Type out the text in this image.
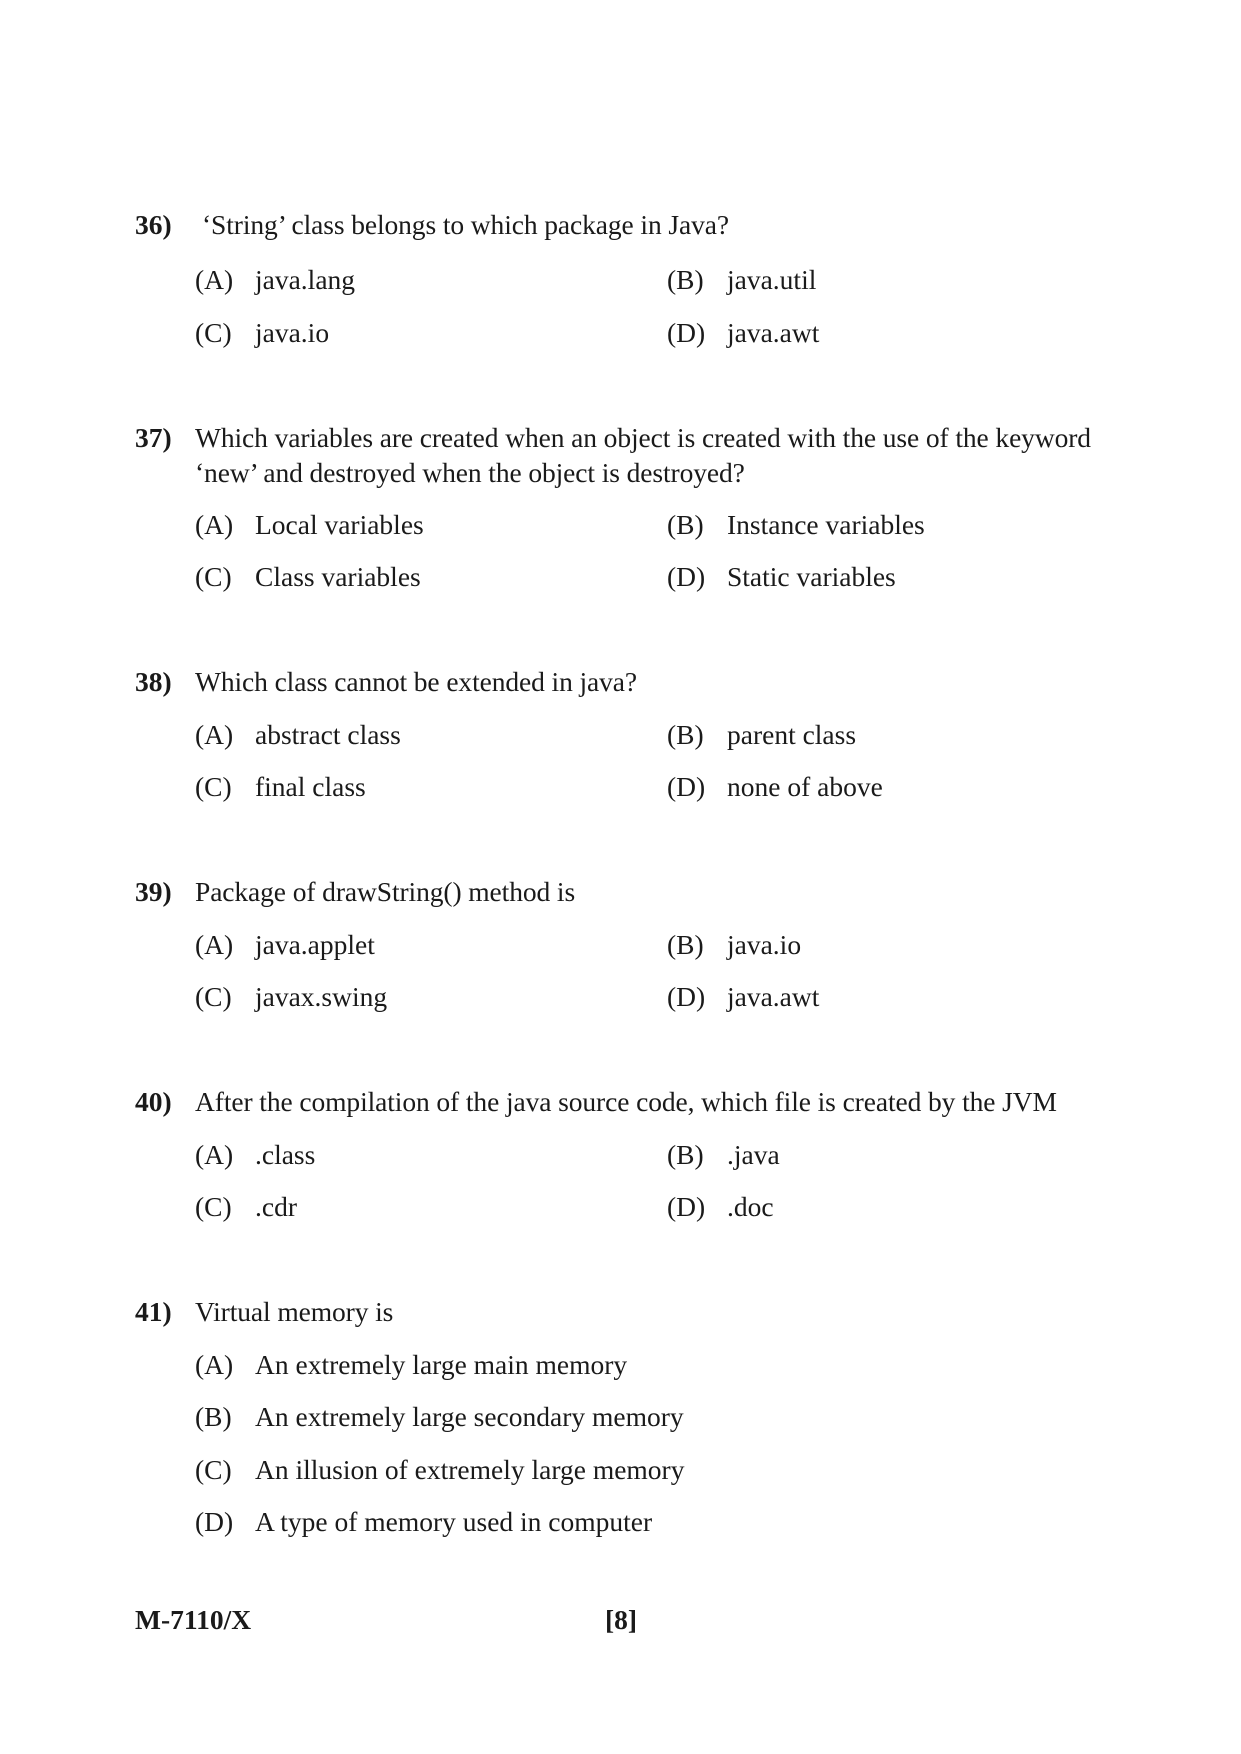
36) ‘String’ class belongs to which package in Java?
(A) java.lang	(B) java.util
(C) java.io	(D) java.awt
37) Which variables are created when an object is created with the use of the keyword
‘new’ and destroyed when the object is destroyed?
(A) Local variables	(B) Instance variables
(C) Class variables	(D) Static variables
38) Which class cannot be extended in java?
(A) abstract class	(B) parent class
(C) final class	(D) none of above
39) Package of drawString() method is
(A) java.applet	(B) java.io
(C) javax.swing	(D) java.awt
40) After the compilation of the java source code, which file is created by the JVM
(A) .class	(B) .java
(C) .cdr	(D) .doc
41) Virtual memory is
(A) An extremely large main memory
(B) An extremely large secondary memory
(C) An illusion of extremely large memory
(D) A type of memory used in computer
M-7110/X	[8]
